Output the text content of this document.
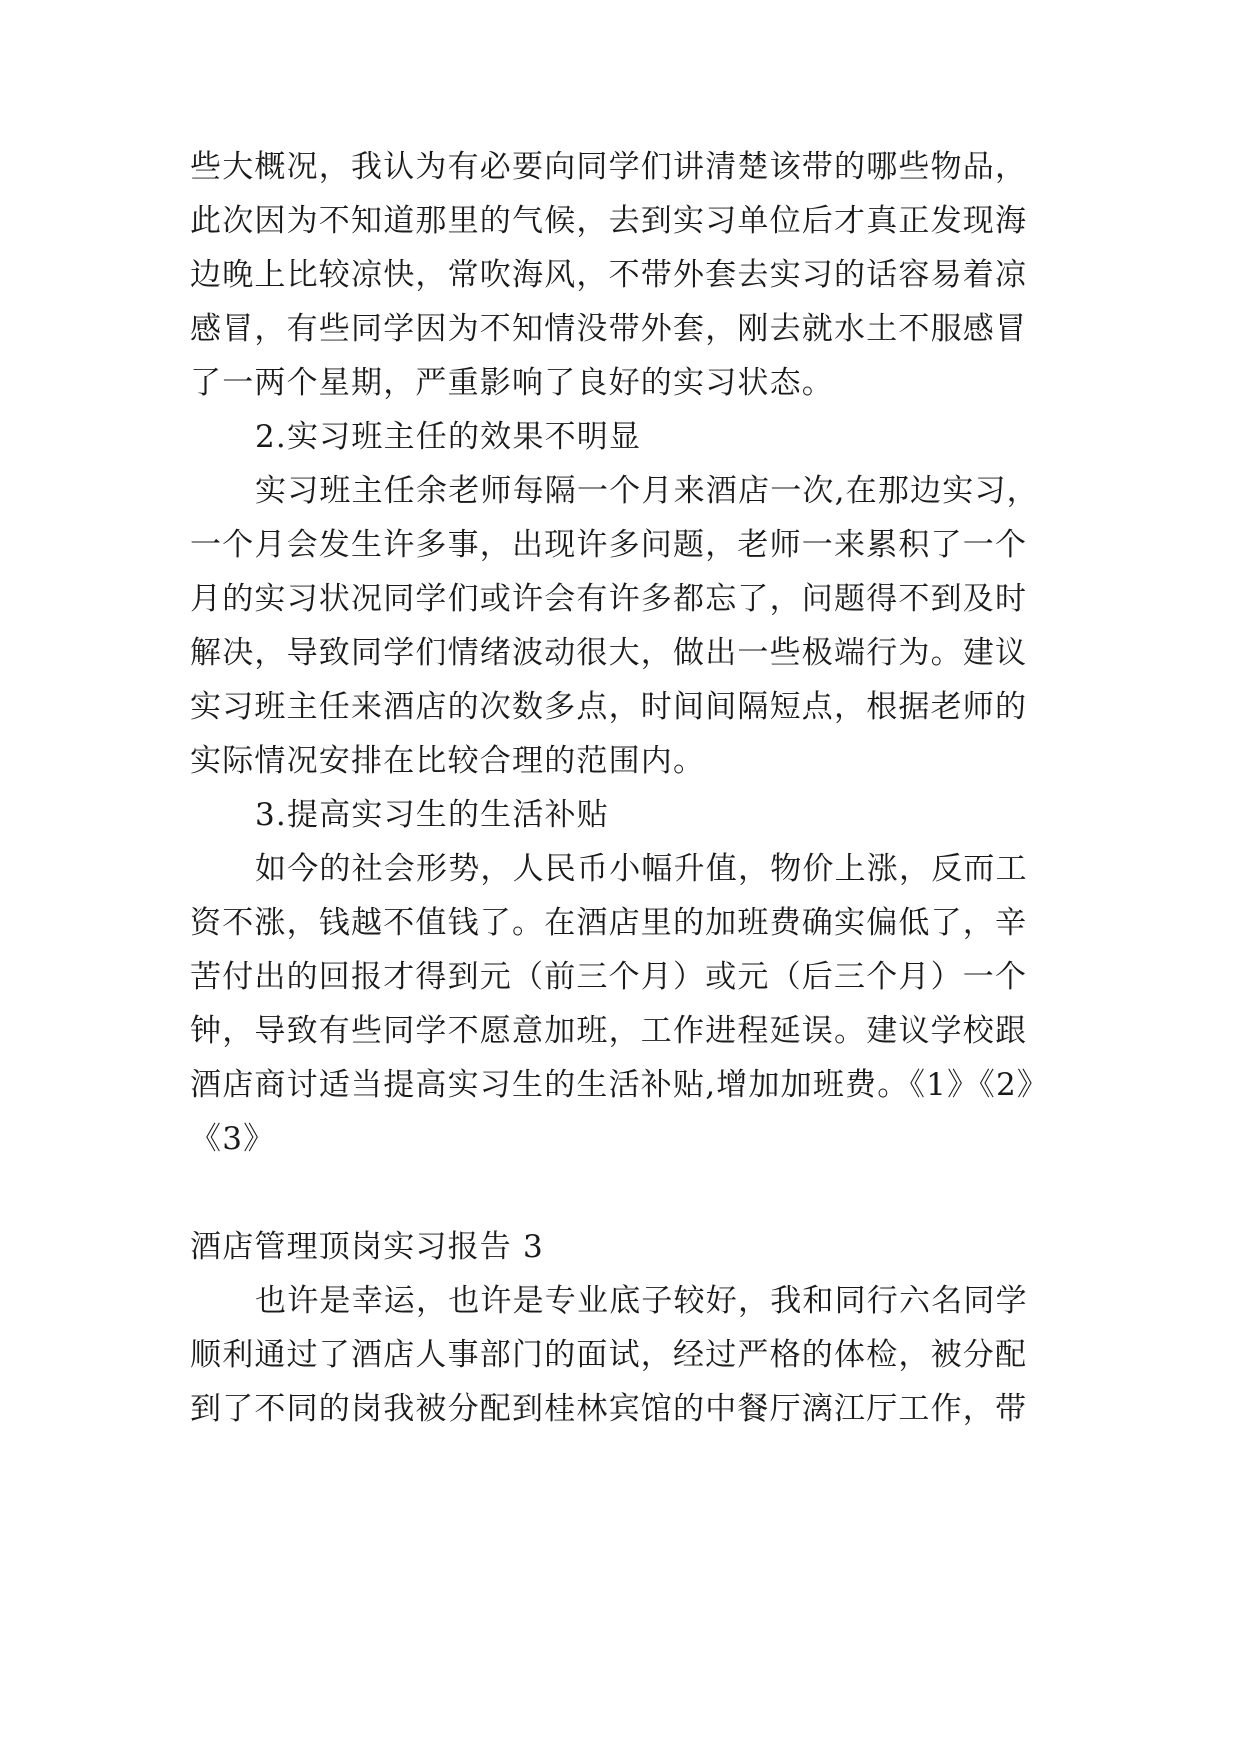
些大概况，我认为有必要向同学们讲清楚该带的哪些物品，
此次因为不知道那里的气候，去到实习单位后才真正发现海
边晚上比较凉快，常吹海风，不带外套去实习的话容易着凉
感冒，有些同学因为不知情没带外套，刚去就水土不服感冒
了一两个星期，严重影响了良好的实习状态。
2.实习班主任的效果不明显
实习班主任余老师每隔一个月来酒店一次,在那边实习，
一个月会发生许多事，出现许多问题，老师一来累积了一个
月的实习状况同学们或许会有许多都忘了，问题得不到及时
解决，导致同学们情绪波动很大，做出一些极端行为。建议
实习班主任来酒店的次数多点，时间间隔短点，根据老师的
实际情况安排在比较合理的范围内。
3.提高实习生的生活补贴
如今的社会形势，人民币小幅升值，物价上涨，反而工
资不涨，钱越不值钱了。在酒店里的加班费确实偏低了，辛
苦付出的回报才得到元（前三个月）或元（后三个月）一个
钟，导致有些同学不愿意加班，工作进程延误。建议学校跟
酒店商讨适当提高实习生的生活补贴,增加加班费。《1》《2》
《3》
酒店管理顶岗实习报告 3
也许是幸运，也许是专业底子较好，我和同行六名同学
顺利通过了酒店人事部门的面试，经过严格的体检，被分配
到了不同的岗我被分配到桂林宾馆的中餐厅漓江厅工作，带
